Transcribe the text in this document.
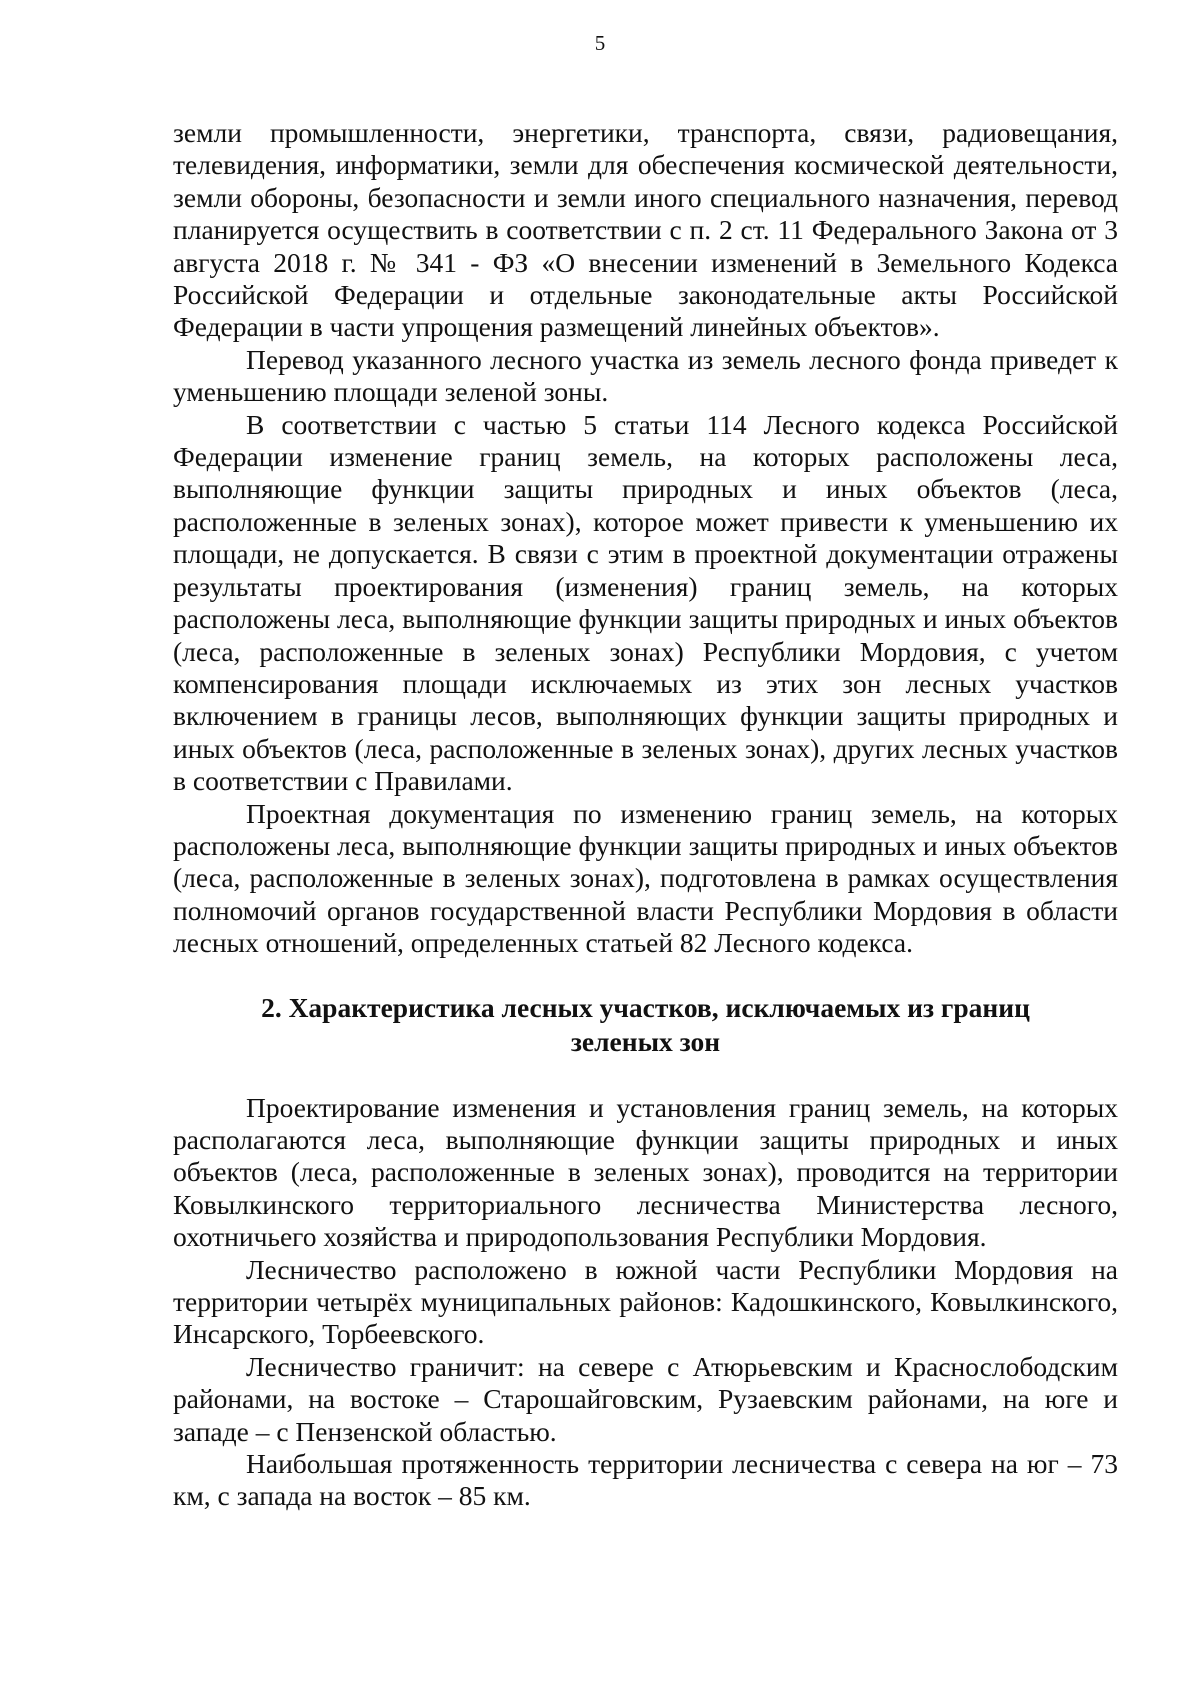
5

земли промышленности, энергетики, транспорта, связи, радиовещания, телевидения, информатики, земли для обеспечения космической деятельности, земли обороны, безопасности и земли иного специального назначения, перевод планируется осуществить в соответствии с п. 2 ст. 11 Федерального Закона от 3 августа 2018 г. № 341 - ФЗ «О внесении изменений в Земельного Кодекса Российской Федерации и отдельные законодательные акты Российской Федерации в части упрощения размещений линейных объектов».

Перевод указанного лесного участка из земель лесного фонда приведет к уменьшению площади зеленой зоны.

В соответствии с частью 5 статьи 114 Лесного кодекса Российской Федерации изменение границ земель, на которых расположены леса, выполняющие функции защиты природных и иных объектов (леса, расположенные в зеленых зонах), которое может привести к уменьшению их площади, не допускается. В связи с этим в проектной документации отражены результаты проектирования (изменения) границ земель, на которых расположены леса, выполняющие функции защиты природных и иных объектов (леса, расположенные в зеленых зонах) Республики Мордовия, с учетом компенсирования площади исключаемых из этих зон лесных участков включением в границы лесов, выполняющих функции защиты природных и иных объектов (леса, расположенные в зеленых зонах), других лесных участков в соответствии с Правилами.

Проектная документация по изменению границ земель, на которых расположены леса, выполняющие функции защиты природных и иных объектов (леса, расположенные в зеленых зонах), подготовлена в рамках осуществления полномочий органов государственной власти Республики Мордовия в области лесных отношений, определенных статьей 82 Лесного кодекса.

2. Характеристика лесных участков, исключаемых из границ зеленых зон

Проектирование изменения и установления границ земель, на которых располагаются леса, выполняющие функции защиты природных и иных объектов (леса, расположенные в зеленых зонах), проводится на территории Ковылкинского территориального лесничества Министерства лесного, охотничьего хозяйства и природопользования Республики Мордовия.

Лесничество расположено в южной части Республики Мордовия на территории четырёх муниципальных районов: Кадошкинского, Ковылкинского, Инсарского, Торбеевского.

Лесничество граничит: на севере с Атюрьевским и Краснослободским районами, на востоке – Старошайговским, Рузаевским районами, на юге и западе – с Пензенской областью.

Наибольшая протяженность территории лесничества с севера на юг – 73 км, с запада на восток – 85 км.
